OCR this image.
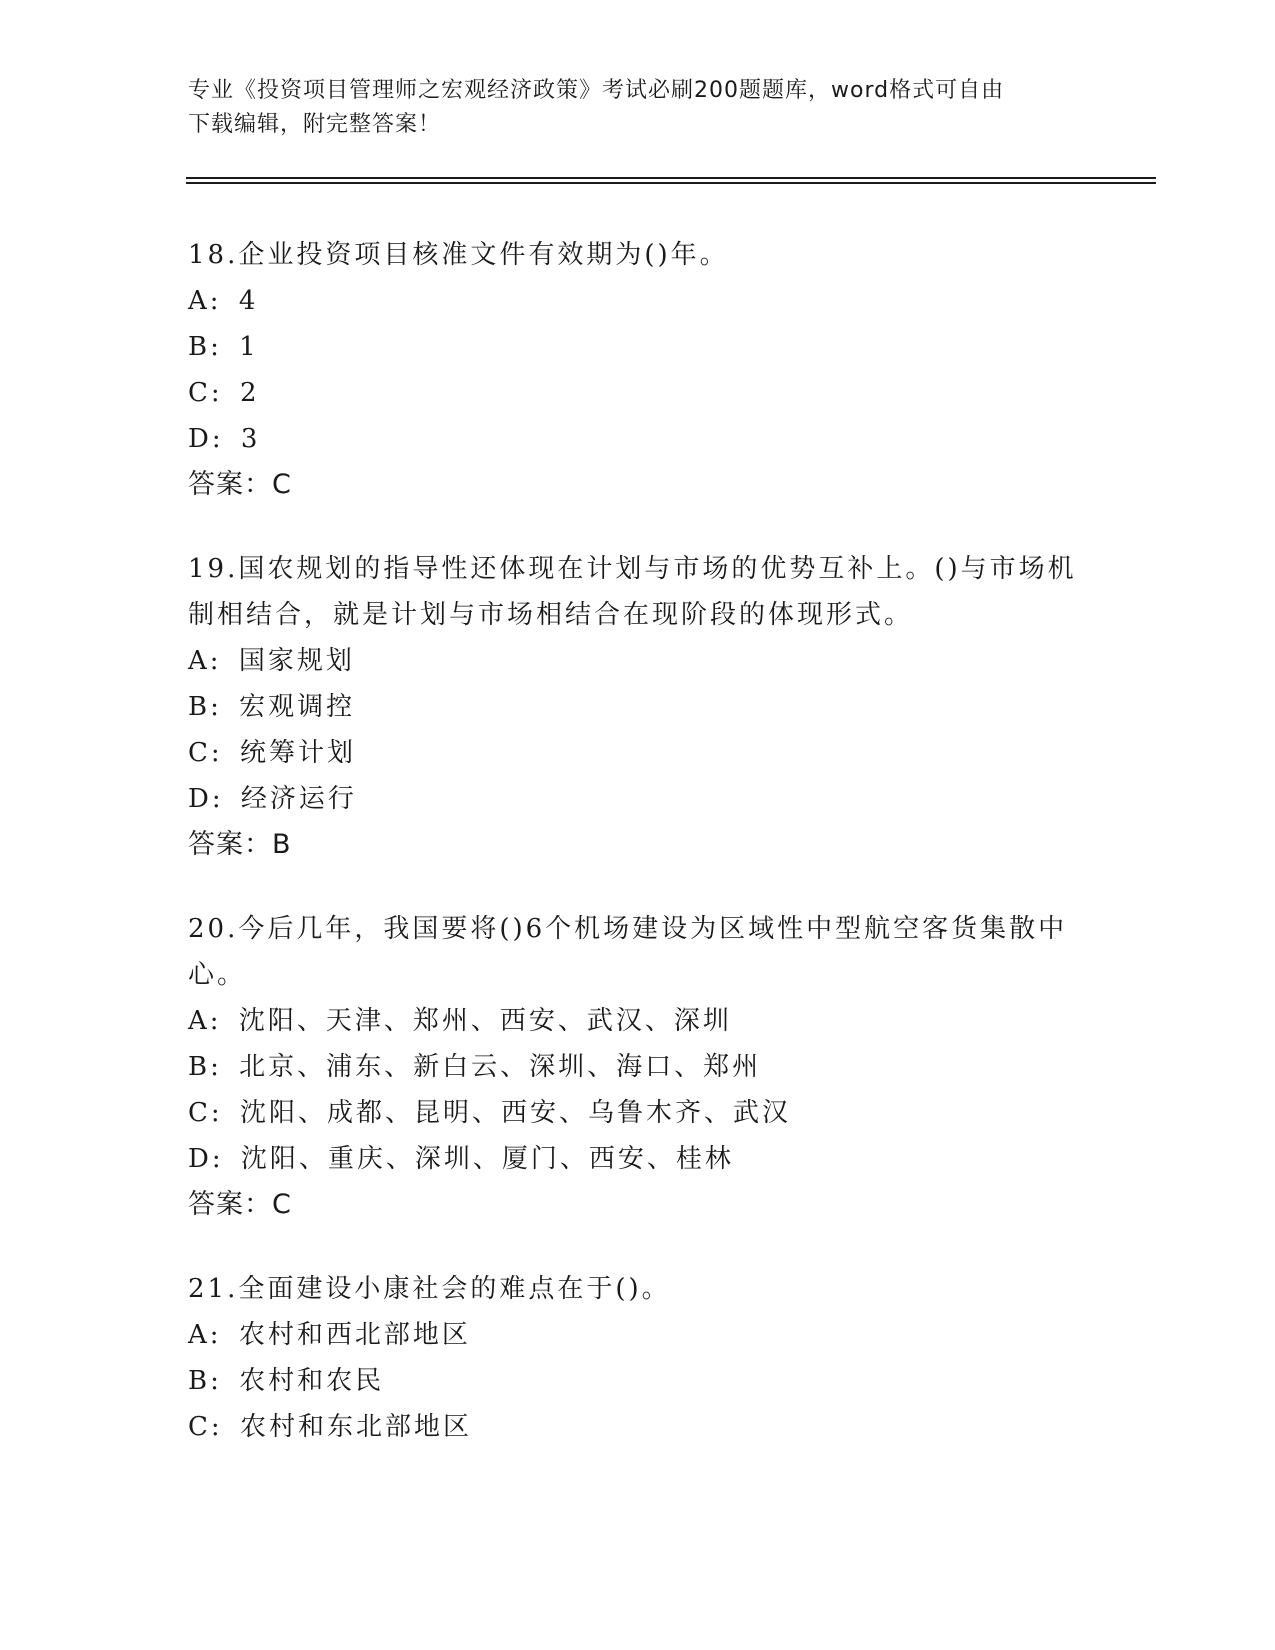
专业《投资项目管理师之宏观经济政策》考试必刷200题题库，word格式可自由
下载编辑，附完整答案！
18.企业投资项目核准文件有效期为()年。
A: 4
B: 1
C: 2
D: 3
答案：C
19.国农规划的指导性还体现在计划与市场的优势互补上。()与市场机
制相结合，就是计划与市场相结合在现阶段的体现形式。
A: 国家规划
B: 宏观调控
C: 统筹计划
D: 经济运行
答案：B
20.今后几年，我国要将()6个机场建设为区域性中型航空客货集散中
心。
A: 沈阳、天津、郑州、西安、武汉、深圳
B: 北京、浦东、新白云、深圳、海口、郑州
C: 沈阳、成都、昆明、西安、乌鲁木齐、武汉
D: 沈阳、重庆、深圳、厦门、西安、桂林
答案：C
21.全面建设小康社会的难点在于()。
A: 农村和西北部地区
B: 农村和农民
C: 农村和东北部地区
